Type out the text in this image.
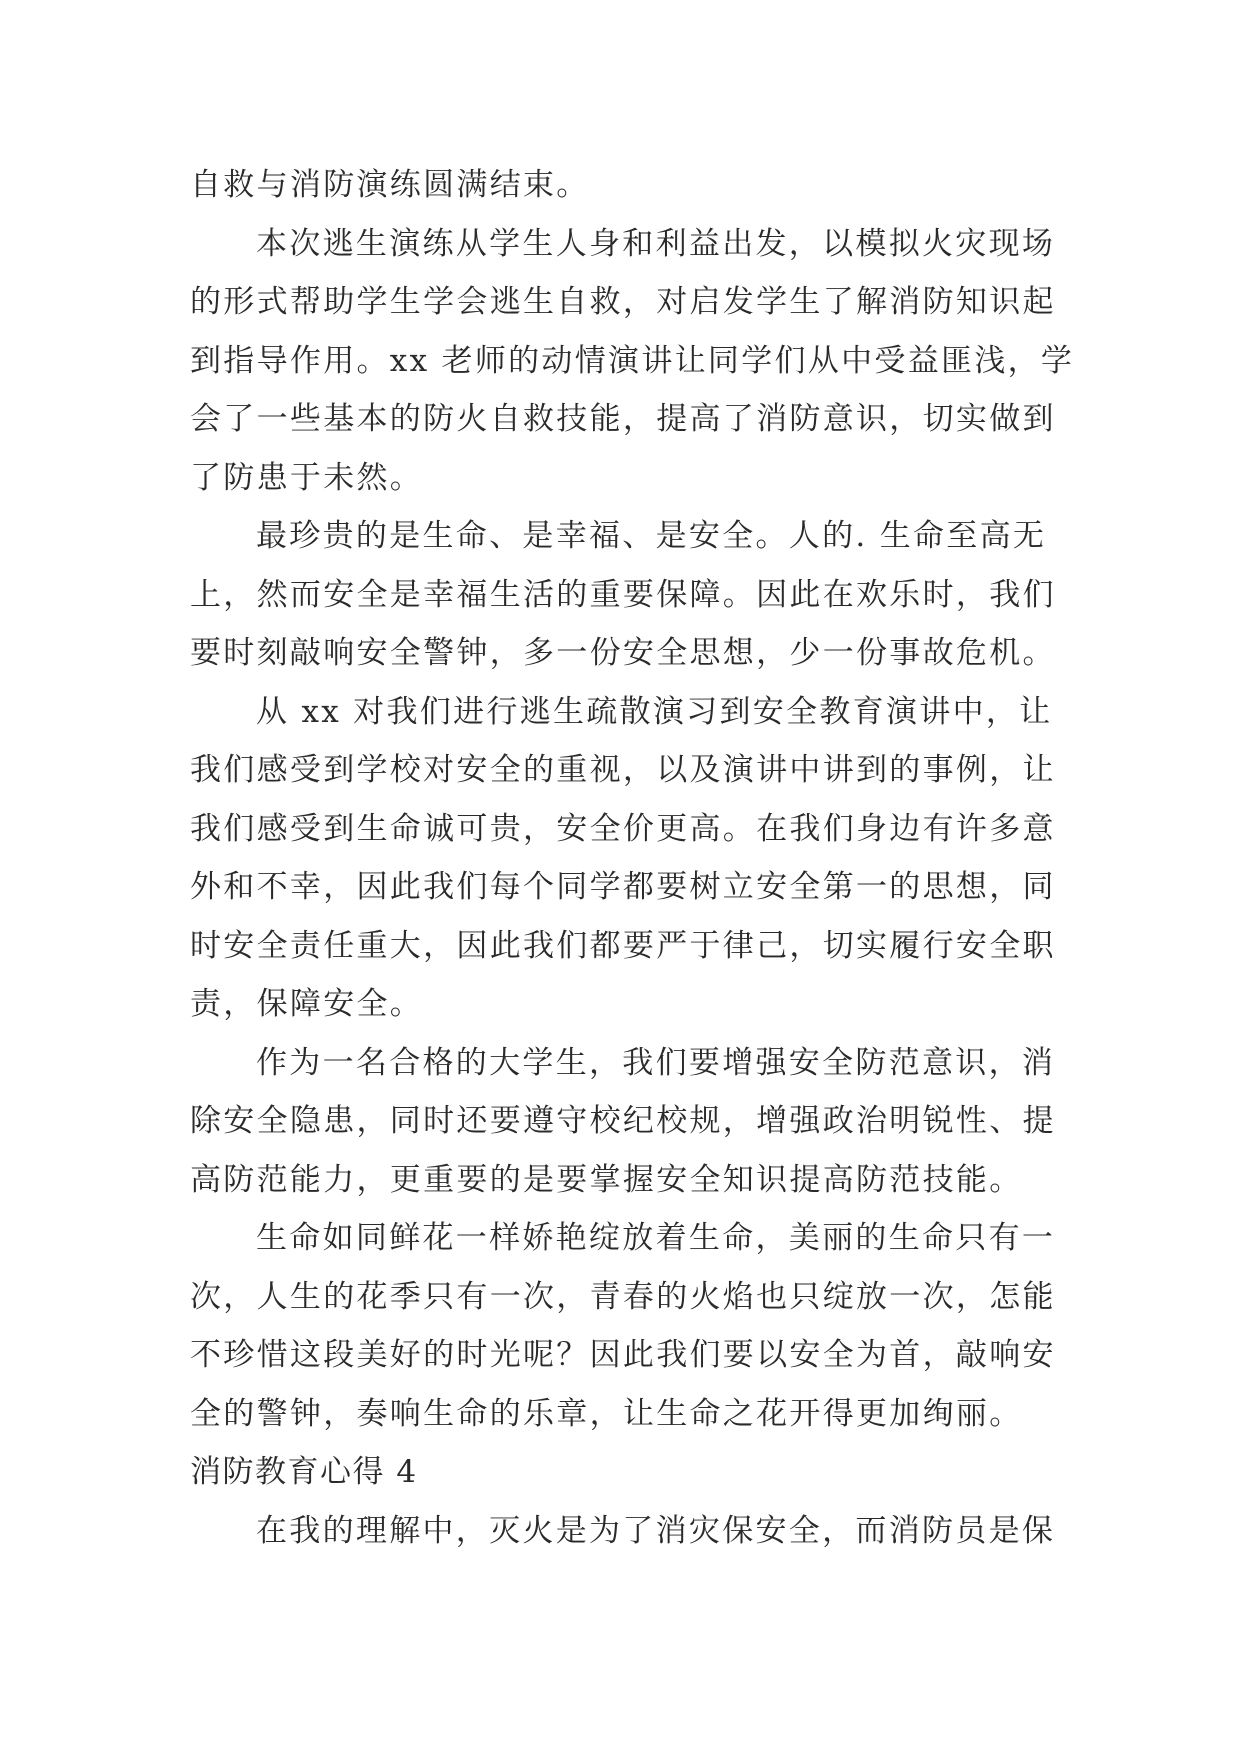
自救与消防演练圆满结束。
本次逃生演练从学生人身和利益出发，以模拟火灾现场
的形式帮助学生学会逃生自救，对启发学生了解消防知识起
到指导作用。xx 老师的动情演讲让同学们从中受益匪浅，学
会了一些基本的防火自救技能，提高了消防意识，切实做到
了防患于未然。
最珍贵的是生命、是幸福、是安全。人的. 生命至高无
上，然而安全是幸福生活的重要保障。因此在欢乐时，我们
要时刻敲响安全警钟，多一份安全思想，少一份事故危机。
从 xx 对我们进行逃生疏散演习到安全教育演讲中，让
我们感受到学校对安全的重视，以及演讲中讲到的事例，让
我们感受到生命诚可贵，安全价更高。在我们身边有许多意
外和不幸，因此我们每个同学都要树立安全第一的思想，同
时安全责任重大，因此我们都要严于律己，切实履行安全职
责，保障安全。
作为一名合格的大学生，我们要增强安全防范意识，消
除安全隐患，同时还要遵守校纪校规，增强政治明锐性、提
高防范能力，更重要的是要掌握安全知识提高防范技能。
生命如同鲜花一样娇艳绽放着生命，美丽的生命只有一
次，人生的花季只有一次，青春的火焰也只绽放一次，怎能
不珍惜这段美好的时光呢？因此我们要以安全为首，敲响安
全的警钟，奏响生命的乐章，让生命之花开得更加绚丽。
消防教育心得 4
在我的理解中，灭火是为了消灾保安全，而消防员是保
